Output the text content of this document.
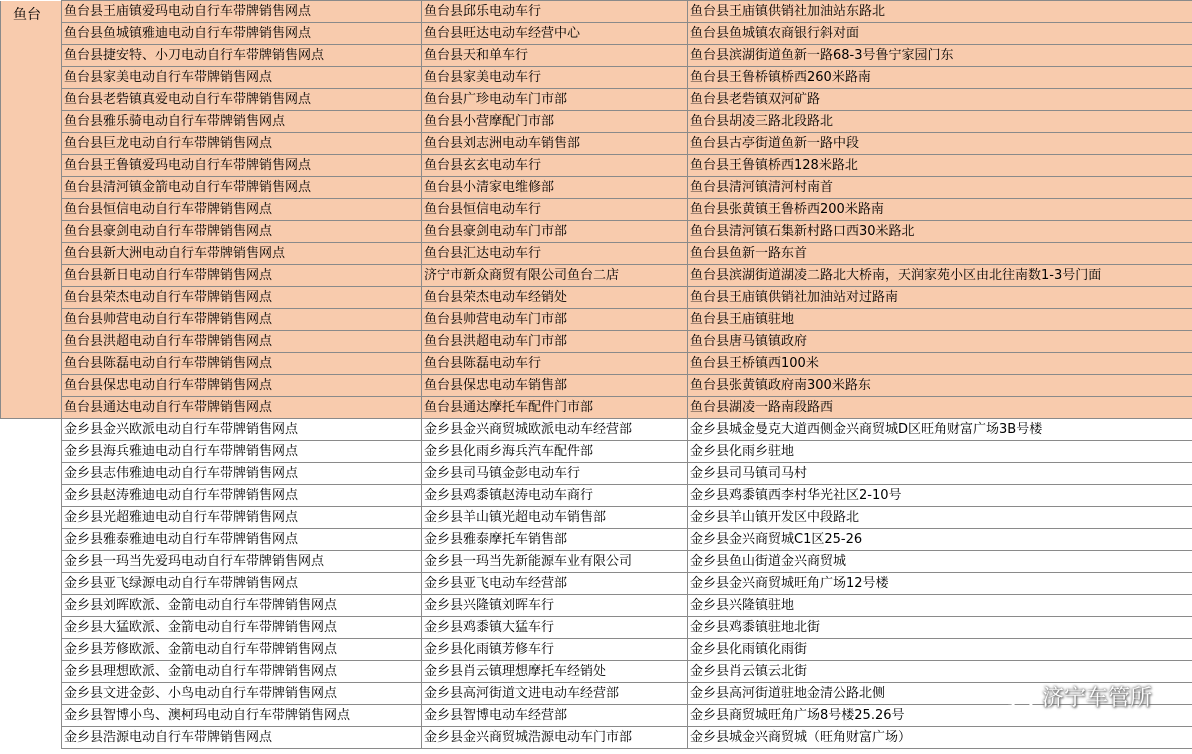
鱼台	鱼台县王庙镇爱玛电动自行车带牌销售网点	鱼台县邱乐电动车行	鱼台县王庙镇供销社加油站东路北
	鱼台县鱼城镇雅迪电动自行车带牌销售网点	鱼台县旺达电动车经营中心	鱼台县鱼城镇农商银行斜对面
	鱼台县捷安特、小刀电动自行车带牌销售网点	鱼台县天和单车行	鱼台县滨湖街道鱼新一路68-3号鲁宁家园门东
	鱼台县家美电动自行车带牌销售网点	鱼台县家美电动车行	鱼台县王鲁桥镇桥西260米路南
	鱼台县老砦镇真爱电动自行车带牌销售网点	鱼台县广珍电动车门市部	鱼台县老砦镇双河矿路
	鱼台县雅乐骑电动自行车带牌销售网点	鱼台县小营摩配门市部	鱼台县胡凌三路北段路北
	鱼台县巨龙电动自行车带牌销售网点	鱼台县刘志洲电动车销售部	鱼台县古亭街道鱼新一路中段
	鱼台县王鲁镇爱玛电动自行车带牌销售网点	鱼台县玄玄电动车行	鱼台县王鲁镇桥西128米路北
	鱼台县清河镇金箭电动自行车带牌销售网点	鱼台县小清家电维修部	鱼台县清河镇清河村南首
	鱼台县恒信电动自行车带牌销售网点	鱼台县恒信电动车行	鱼台县张黄镇王鲁桥西200米路南
	鱼台县豪剑电动自行车带牌销售网点	鱼台县豪剑电动车门市部	鱼台县清河镇石集新村路口西30米路北
	鱼台县新大洲电动自行车带牌销售网点	鱼台县汇达电动车行	鱼台县鱼新一路东首
	鱼台县新日电动自行车带牌销售网点	济宁市新众商贸有限公司鱼台二店	鱼台县滨湖街道湖凌二路北大桥南，天润家苑小区由北往南数1-3号门面
	鱼台县荣杰电动自行车带牌销售网点	鱼台县荣杰电动车经销处	鱼台县王庙镇供销社加油站对过路南
	鱼台县帅营电动自行车带牌销售网点	鱼台县帅营电动车门市部	鱼台县王庙镇驻地
	鱼台县洪超电动自行车带牌销售网点	鱼台县洪超电动车门市部	鱼台县唐马镇镇政府
	鱼台县陈磊电动自行车带牌销售网点	鱼台县陈磊电动车行	鱼台县王桥镇西100米
	鱼台县保忠电动自行车带牌销售网点	鱼台县保忠电动车销售部	鱼台县张黄镇政府南300米路东
	鱼台县通达电动自行车带牌销售网点	鱼台县通达摩托车配件门市部	鱼台县湖凌一路南段路西
	金乡县金兴欧派电动自行车带牌销售网点	金乡县金兴商贸城欧派电动车经营部	金乡县城金曼克大道西侧金兴商贸城D区旺角财富广场3B号楼
	金乡县海兵雅迪电动自行车带牌销售网点	金乡县化雨乡海兵汽车配件部	金乡县化雨乡驻地
	金乡县志伟雅迪电动自行车带牌销售网点	金乡县司马镇金彭电动车行	金乡县司马镇司马村
	金乡县赵涛雅迪电动自行车带牌销售网点	金乡县鸡黍镇赵涛电动车商行	金乡县鸡黍镇西李村华光社区2-10号
	金乡县光超雅迪电动自行车带牌销售网点	金乡县羊山镇光超电动车销售部	金乡县羊山镇开发区中段路北
	金乡县雅泰雅迪电动自行车带牌销售网点	金乡县雅泰摩托车销售部	金乡县金兴商贸城C1区25-26
	金乡县一玛当先爱玛电动自行车带牌销售网点	金乡县一玛当先新能源车业有限公司	金乡县鱼山街道金兴商贸城
	金乡县亚飞绿源电动自行车带牌销售网点	金乡县亚飞电动车经营部	金乡县金兴商贸城旺角广场12号楼
	金乡县刘晖欧派、金箭电动自行车带牌销售网点	金乡县兴隆镇刘晖车行	金乡县兴隆镇驻地
	金乡县大猛欧派、金箭电动自行车带牌销售网点	金乡县鸡黍镇大猛车行	金乡县鸡黍镇驻地北街
	金乡县芳修欧派、金箭电动自行车带牌销售网点	金乡县化雨镇芳修车行	金乡县化雨镇化雨街
	金乡县理想欧派、金箭电动自行车带牌销售网点	金乡县肖云镇理想摩托车经销处	金乡县肖云镇云北街
	金乡县文进金彭、小鸟电动自行车带牌销售网点	金乡县高河街道文进电动车经营部	金乡县高河街道驻地金清公路北侧
	金乡县智博小鸟、澳柯玛电动自行车带牌销售网点	金乡县智博电动车经营部	金乡县商贸城旺角广场8号楼25.26号
	金乡县浩源电动自行车带牌销售网点	金乡县金兴商贸城浩源电动车门市部	金乡县城金兴商贸城（旺角财富广场）
济宁车管所
